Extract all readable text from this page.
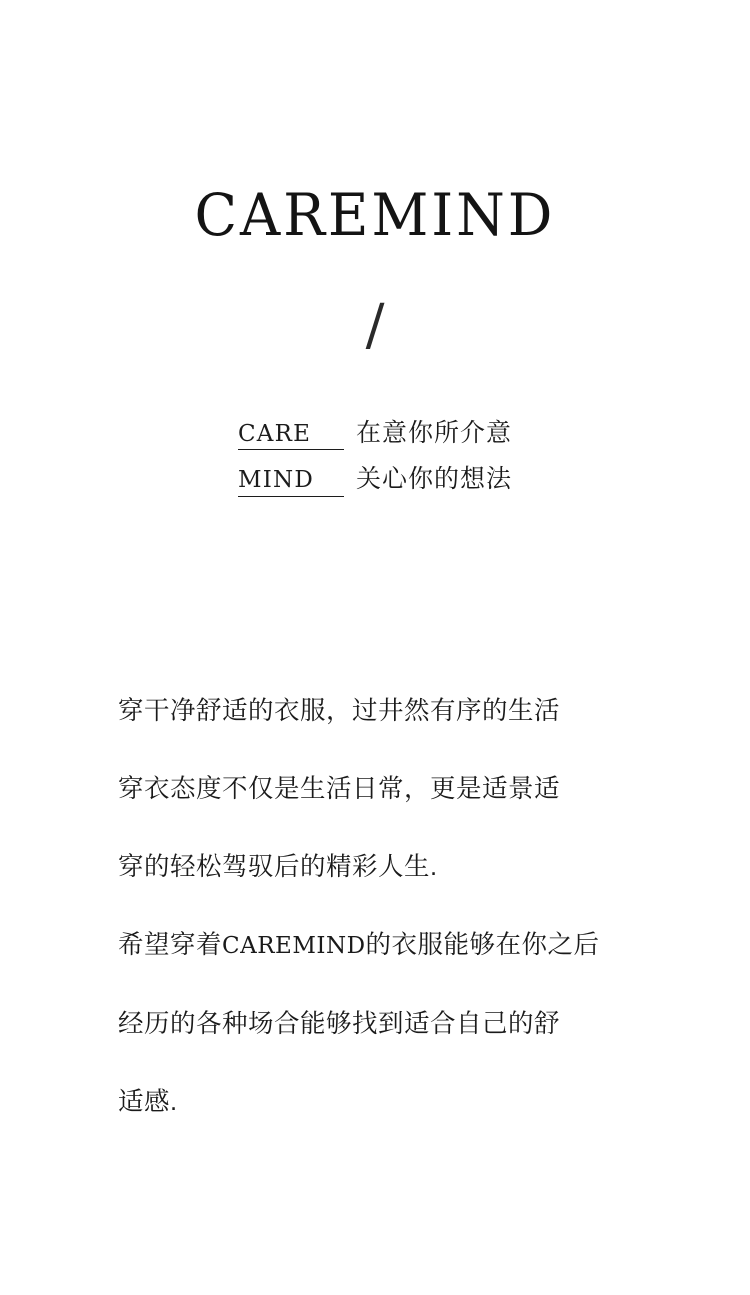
CAREMIND
/
CARE	在意你所介意
MIND	关心你的想法

穿干净舒适的衣服，过井然有序的生活

穿衣态度不仅是生活日常，更是适景适

穿的轻松驾驭后的精彩人生.

希望穿着CAREMIND的衣服能够在你之后

经历的各种场合能够找到适合自己的舒

适感.
